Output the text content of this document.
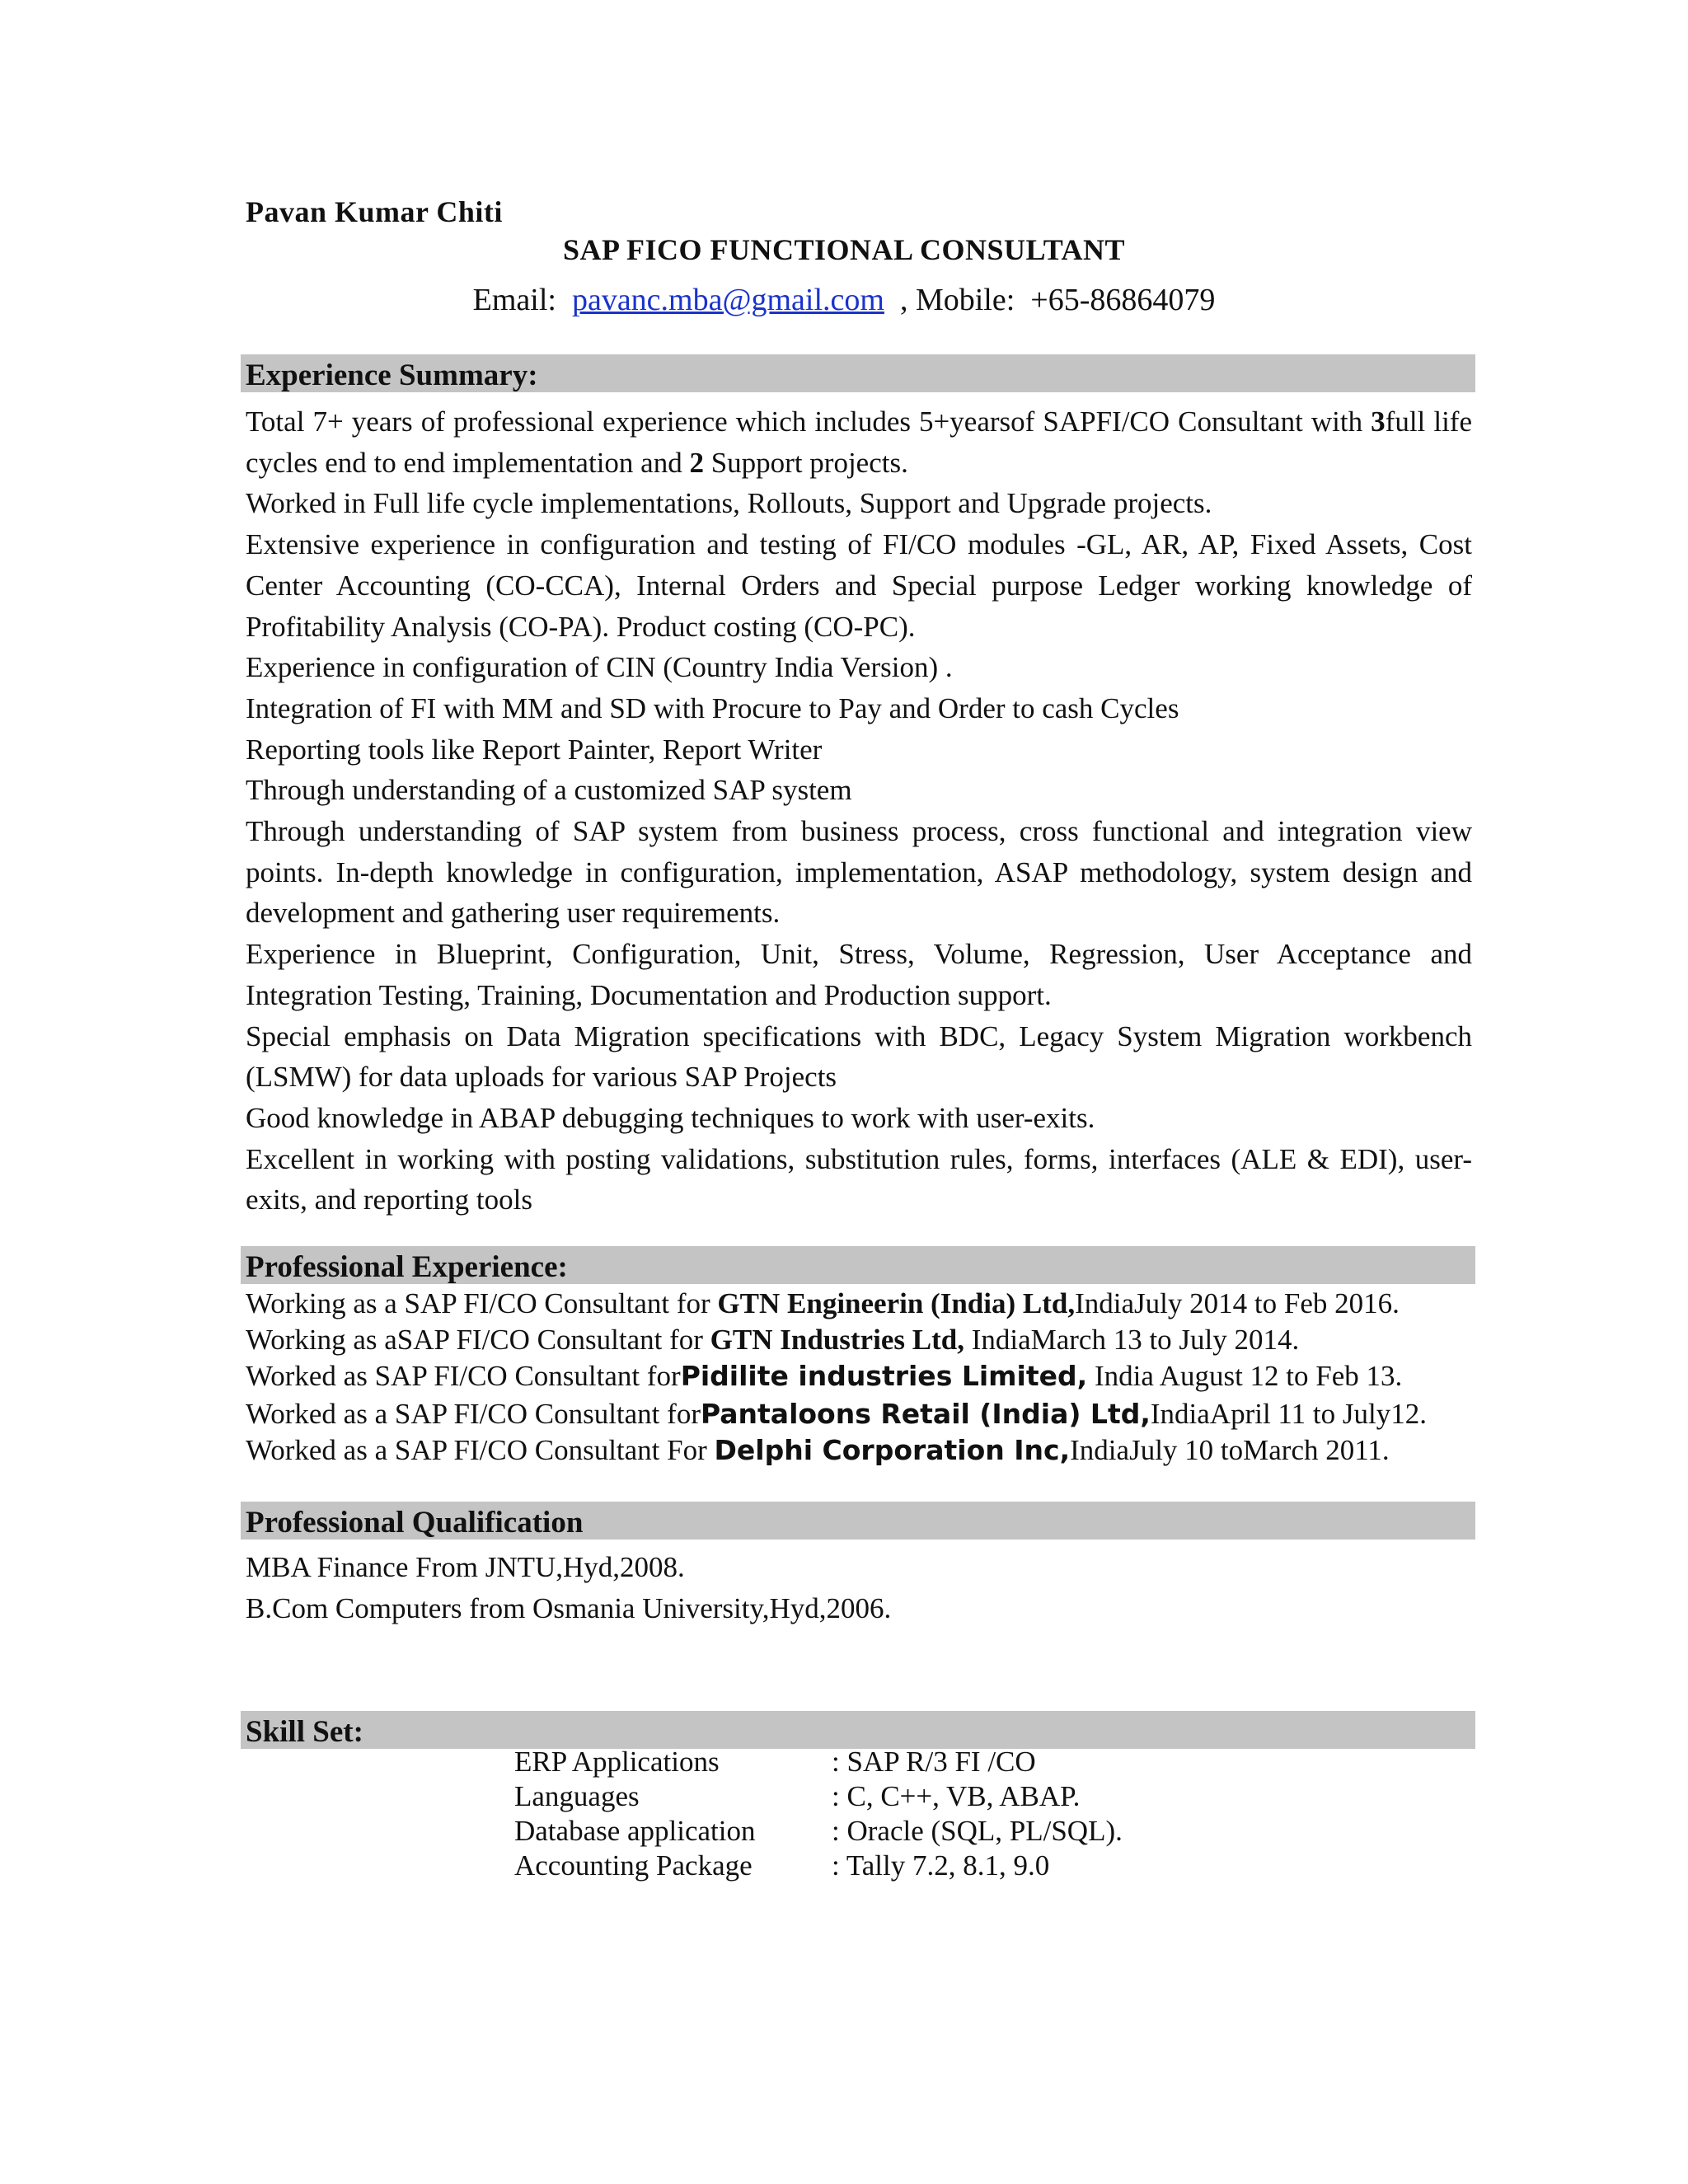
Pavan Kumar Chiti
SAP FICO FUNCTIONAL CONSULTANT
Email: pavanc.mba@gmail.com , Mobile: +65-86864079
Experience Summary:

Total 7+ years of professional experience which includes 5+yearsof SAPFI/CO Consultant with 3full life cycles end to end implementation and 2 Support projects.

Worked in Full life cycle implementations, Rollouts, Support and Upgrade projects.

Extensive experience in configuration and testing of FI/CO modules -GL, AR, AP, Fixed Assets, Cost Center Accounting (CO-CCA), Internal Orders and Special purpose Ledger working knowledge of Profitability Analysis (CO-PA). Product costing (CO-PC).

Experience in configuration of CIN (Country India Version) .

Integration of FI with MM and SD with Procure to Pay and Order to cash Cycles

Reporting tools like Report Painter, Report Writer

Through understanding of a customized SAP system

Through understanding of SAP system from business process, cross functional and integration view points. In-depth knowledge in configuration, implementation, ASAP methodology, system design and development and gathering user requirements.

Experience in Blueprint, Configuration, Unit, Stress, Volume, Regression, User Acceptance and Integration Testing, Training, Documentation and Production support.

Special emphasis on Data Migration specifications with BDC, Legacy System Migration workbench (LSMW) for data uploads for various SAP Projects

Good knowledge in ABAP debugging techniques to work with user-exits.

Excellent in working with posting validations, substitution rules, forms, interfaces (ALE & EDI), user-exits, and reporting tools

Professional Experience:
Working as a SAP FI/CO Consultant for GTN Engineerin (India) Ltd,IndiaJuly 2014 to Feb 2016.
Working as aSAP FI/CO Consultant for GTN Industries Ltd, IndiaMarch 13 to July 2014.
Worked as SAP FI/CO Consultant forPidilite industries Limited, India August 12 to Feb 13.
Worked as a SAP FI/CO Consultant forPantaloons Retail (India) Ltd,IndiaApril 11 to July12.
Worked as a SAP FI/CO Consultant For Delphi Corporation Inc,IndiaJuly 10 toMarch 2011.
Professional Qualification
MBA Finance From JNTU,Hyd,2008.
B.Com Computers from Osmania University,Hyd,2006.
Skill Set:
ERP Applications	: SAP R/3 FI /CO
Languages	: C, C++, VB, ABAP.
Database application	: Oracle (SQL, PL/SQL).
Accounting Package	: Tally 7.2, 8.1, 9.0
